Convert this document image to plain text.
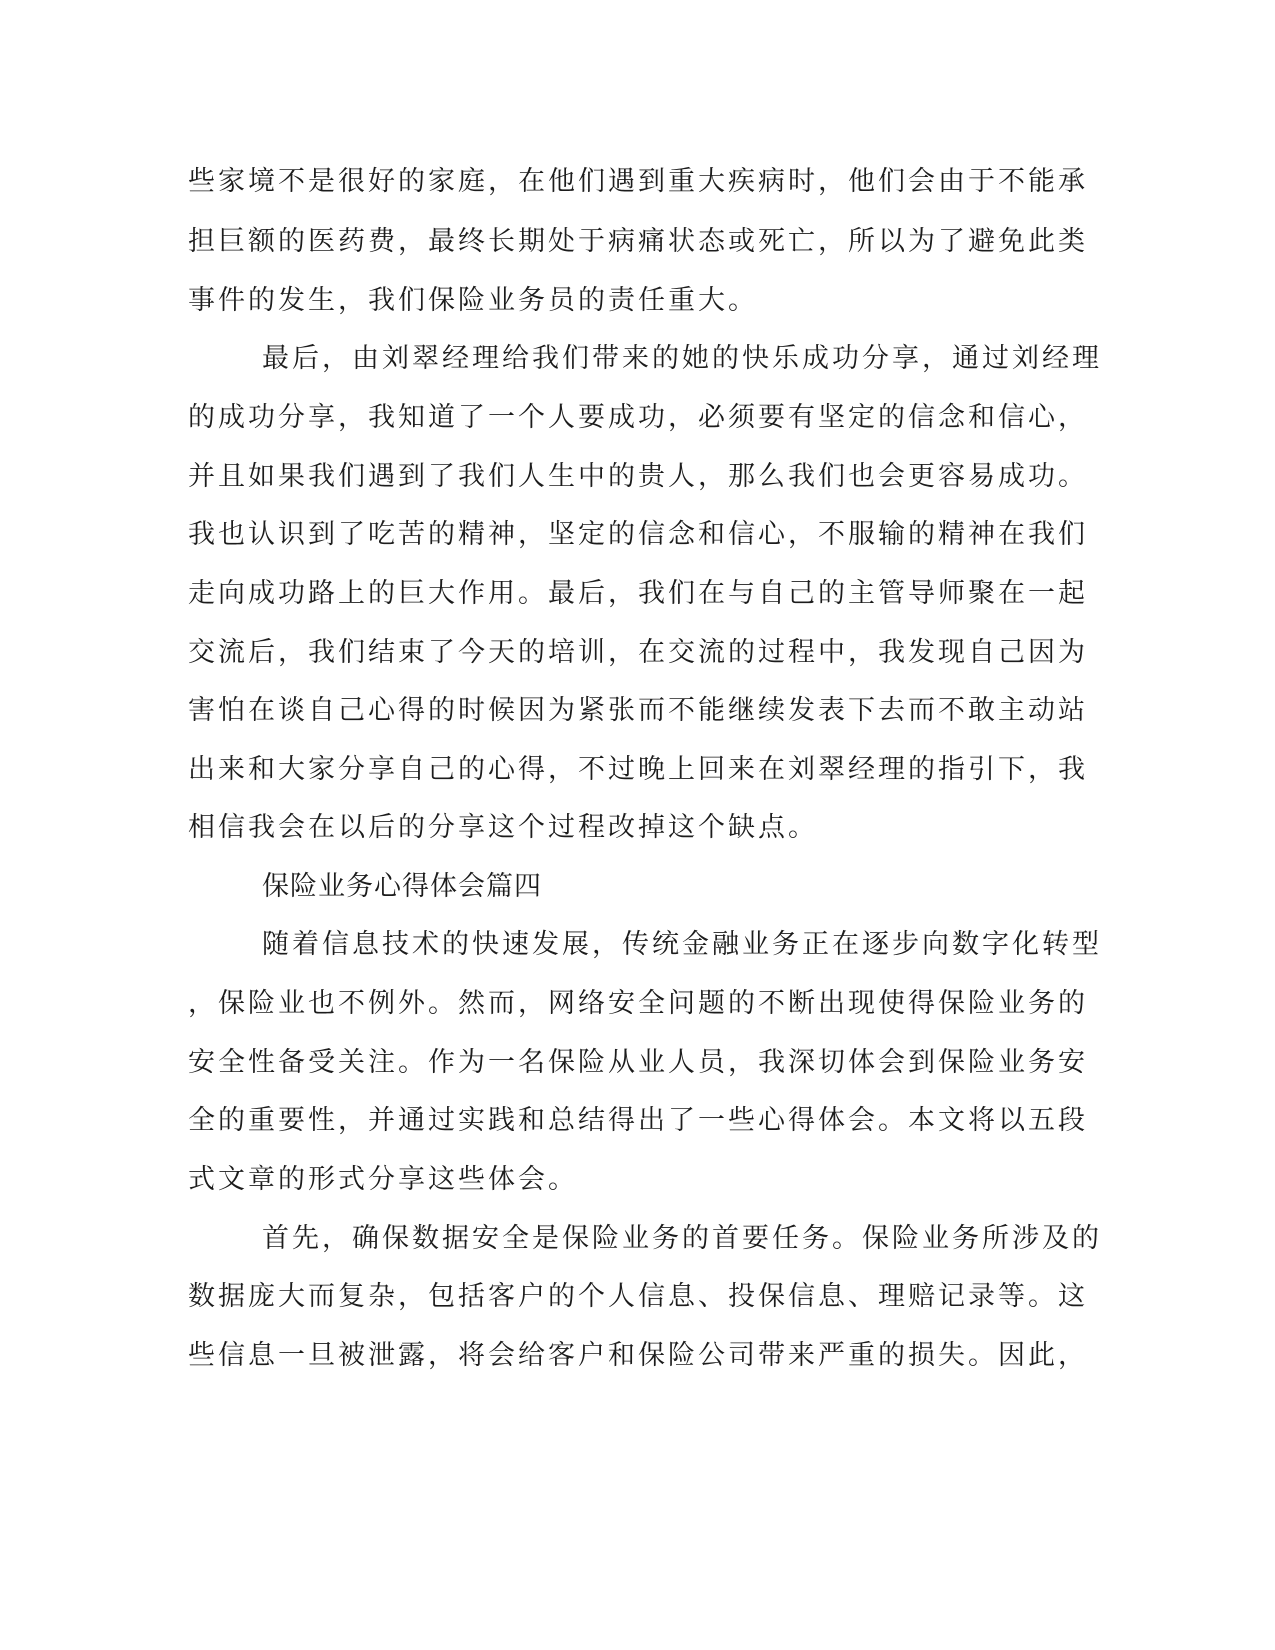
些家境不是很好的家庭，在他们遇到重大疾病时，他们会由于不能承
担巨额的医药费，最终长期处于病痛状态或死亡，所以为了避免此类
事件的发生，我们保险业务员的责任重大。
最后，由刘翠经理给我们带来的她的快乐成功分享，通过刘经理
的成功分享，我知道了一个人要成功，必须要有坚定的信念和信心，
并且如果我们遇到了我们人生中的贵人，那么我们也会更容易成功。
我也认识到了吃苦的精神，坚定的信念和信心，不服输的精神在我们
走向成功路上的巨大作用。最后，我们在与自己的主管导师聚在一起
交流后，我们结束了今天的培训，在交流的过程中，我发现自己因为
害怕在谈自己心得的时候因为紧张而不能继续发表下去而不敢主动站
出来和大家分享自己的心得，不过晚上回来在刘翠经理的指引下，我
相信我会在以后的分享这个过程改掉这个缺点。
保险业务心得体会篇四
随着信息技术的快速发展，传统金融业务正在逐步向数字化转型
，保险业也不例外。然而，网络安全问题的不断出现使得保险业务的
安全性备受关注。作为一名保险从业人员，我深切体会到保险业务安
全的重要性，并通过实践和总结得出了一些心得体会。本文将以五段
式文章的形式分享这些体会。
首先，确保数据安全是保险业务的首要任务。保险业务所涉及的
数据庞大而复杂，包括客户的个人信息、投保信息、理赔记录等。这
些信息一旦被泄露，将会给客户和保险公司带来严重的损失。因此，
